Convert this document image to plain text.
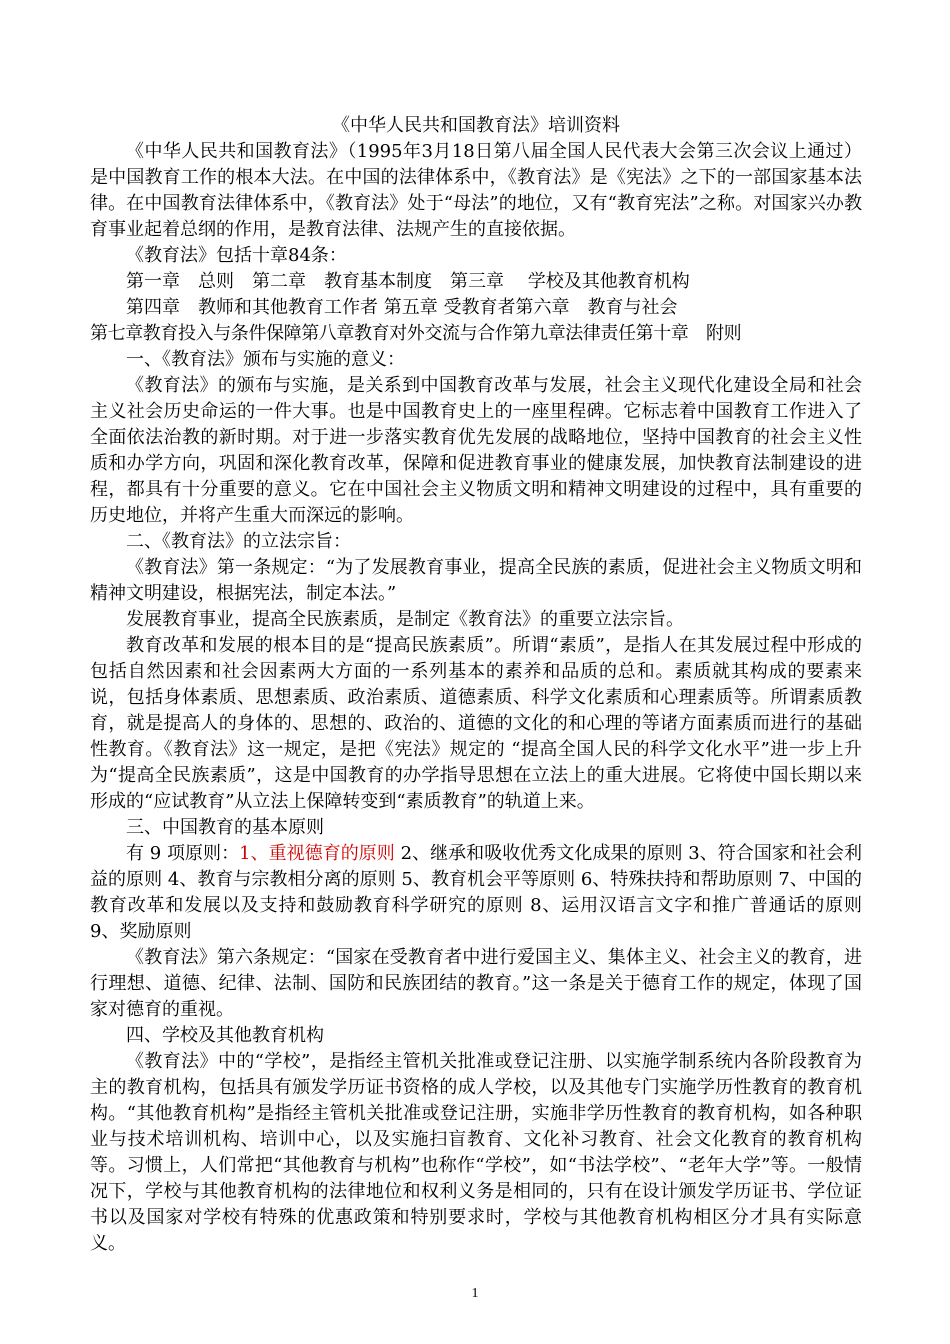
《中华人民共和国教育法》培训资料

《中华人民共和国教育法》（1995年3月18日第八届全国人民代表大会第三次会议上通过）是中国教育工作的根本大法。在中国的法律体系中，《教育法》是《宪法》之下的一部国家基本法律。在中国教育法律体系中，《教育法》处于“母法”的地位，又有“教育宪法”之称。对国家兴办教育事业起着总纲的作用，是教育法律、法规产生的直接依据。

《教育法》包括十章84条：

第一章　总则　第二章　教育基本制度　第三章　 学校及其他教育机构
第四章　教师和其他教育工作者 第五章 受教育者第六章　教育与社会
第七章教育投入与条件保障第八章教育对外交流与合作第九章法律责任第十章　附则

一、《教育法》颁布与实施的意义：

《教育法》的颁布与实施，是关系到中国教育改革与发展，社会主义现代化建设全局和社会主义社会历史命运的一件大事。也是中国教育史上的一座里程碑。它标志着中国教育工作进入了全面依法治教的新时期。对于进一步落实教育优先发展的战略地位，坚持中国教育的社会主义性质和办学方向，巩固和深化教育改革，保障和促进教育事业的健康发展，加快教育法制建设的进程，都具有十分重要的意义。它在中国社会主义物质文明和精神文明建设的过程中，具有重要的历史地位，并将产生重大而深远的影响。

二、《教育法》的立法宗旨：

《教育法》第一条规定：“为了发展教育事业，提高全民族的素质，促进社会主义物质文明和精神文明建设，根据宪法，制定本法。”

发展教育事业，提高全民族素质，是制定《教育法》的重要立法宗旨。

教育改革和发展的根本目的是“提高民族素质”。所谓“素质”，是指人在其发展过程中形成的包括自然因素和社会因素两大方面的一系列基本的素养和品质的总和。素质就其构成的要素来说，包括身体素质、思想素质、政治素质、道德素质、科学文化素质和心理素质等。所谓素质教育，就是提高人的身体的、思想的、政治的、道德的文化的和心理的等诸方面素质而进行的基础性教育。《教育法》这一规定，是把《宪法》规定的 “提高全国人民的科学文化水平”进一步上升为“提高全民族素质”，这是中国教育的办学指导思想在立法上的重大进展。它将使中国长期以来形成的“应试教育”从立法上保障转变到“素质教育”的轨道上来。

三、中国教育的基本原则

有 9 项原则：1、重视德育的原则 2、继承和吸收优秀文化成果的原则 3、符合国家和社会利益的原则 4、教育与宗教相分离的原则 5、教育机会平等原则 6、特殊扶持和帮助原则 7、中国的教育改革和发展以及支持和鼓励教育科学研究的原则 8、运用汉语言文字和推广普通话的原则 9、奖励原则

《教育法》第六条规定：“国家在受教育者中进行爱国主义、集体主义、社会主义的教育，进行理想、道德、纪律、法制、国防和民族团结的教育。”这一条是关于德育工作的规定，体现了国家对德育的重视。

四、学校及其他教育机构

《教育法》中的“学校”，是指经主管机关批准或登记注册、以实施学制系统内各阶段教育为主的教育机构，包括具有颁发学历证书资格的成人学校，以及其他专门实施学历性教育的教育机构。“其他教育机构”是指经主管机关批准或登记注册，实施非学历性教育的教育机构，如各种职业与技术培训机构、培训中心，以及实施扫盲教育、文化补习教育、社会文化教育的教育机构等。习惯上，人们常把“其他教育与机构”也称作“学校”，如“书法学校”、“老年大学”等。一般情况下，学校与其他教育机构的法律地位和权利义务是相同的，只有在设计颁发学历证书、学位证书以及国家对学校有特殊的优惠政策和特别要求时，学校与其他教育机构相区分才具有实际意义。

1
